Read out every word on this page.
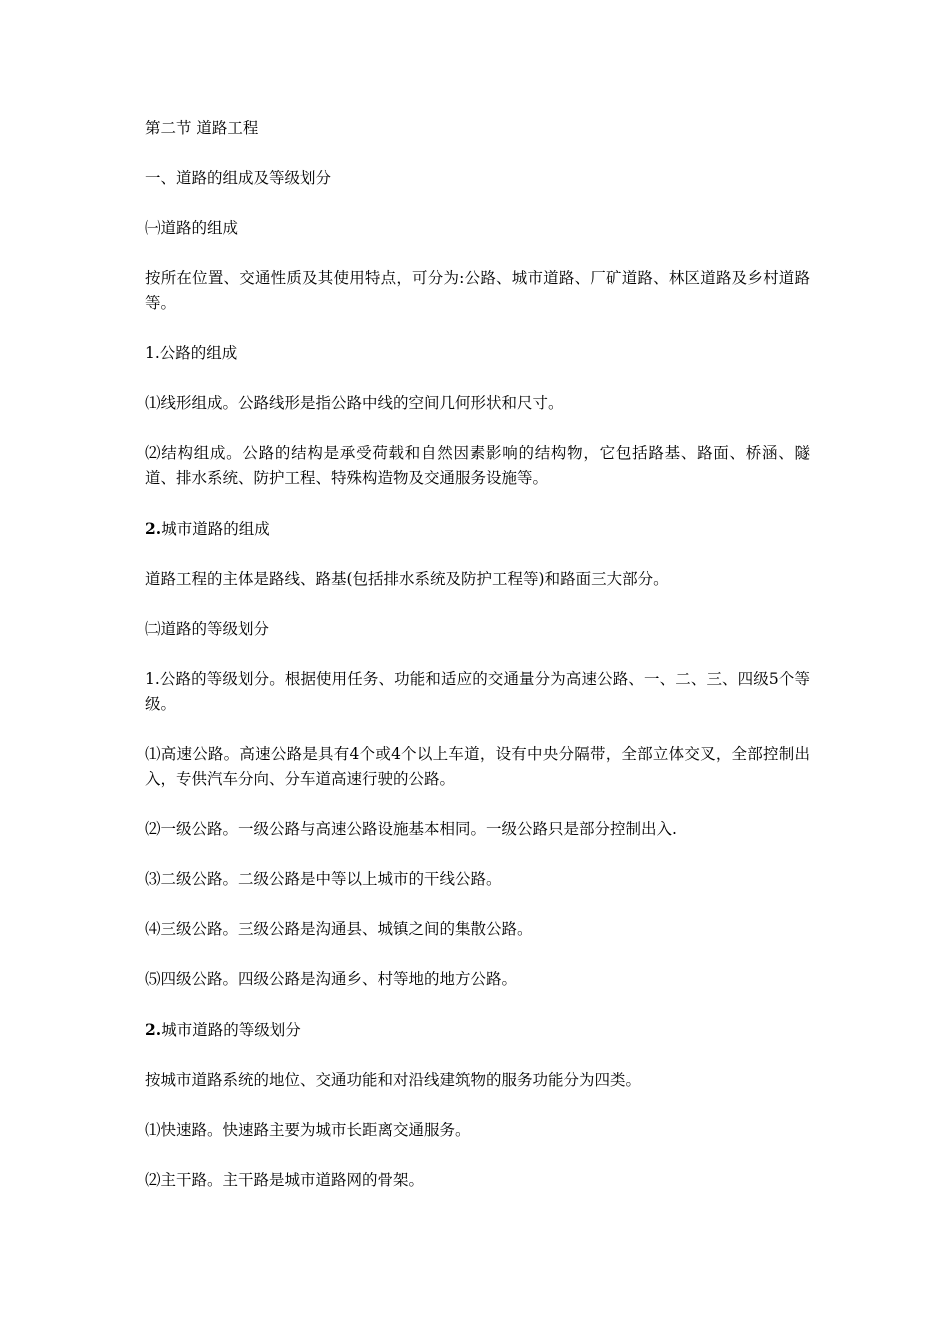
第二节 道路工程

一、道路的组成及等级划分

㈠道路的组成

按所在位置、交通性质及其使用特点，可分为:公路、城市道路、厂矿道路、林区道路及乡村道路等。

1.公路的组成

⑴线形组成。公路线形是指公路中线的空间几何形状和尺寸。

⑵结构组成。公路的结构是承受荷载和自然因素影响的结构物，它包括路基、路面、桥涵、隧道、排水系统、防护工程、特殊构造物及交通服务设施等。

2.城市道路的组成

道路工程的主体是路线、路基(包括排水系统及防护工程等)和路面三大部分。

㈡道路的等级划分

1.公路的等级划分。根据使用任务、功能和适应的交通量分为高速公路、一、二、三、四级5个等级。

⑴高速公路。高速公路是具有4个或4个以上车道，设有中央分隔带，全部立体交叉，全部控制出入，专供汽车分向、分车道高速行驶的公路。

⑵一级公路。一级公路与高速公路设施基本相同。一级公路只是部分控制出入.

⑶二级公路。二级公路是中等以上城市的干线公路。

⑷三级公路。三级公路是沟通县、城镇之间的集散公路。

⑸四级公路。四级公路是沟通乡、村等地的地方公路。

2.城市道路的等级划分

按城市道路系统的地位、交通功能和对沿线建筑物的服务功能分为四类。

⑴快速路。快速路主要为城市长距离交通服务。

⑵主干路。主干路是城市道路网的骨架。
